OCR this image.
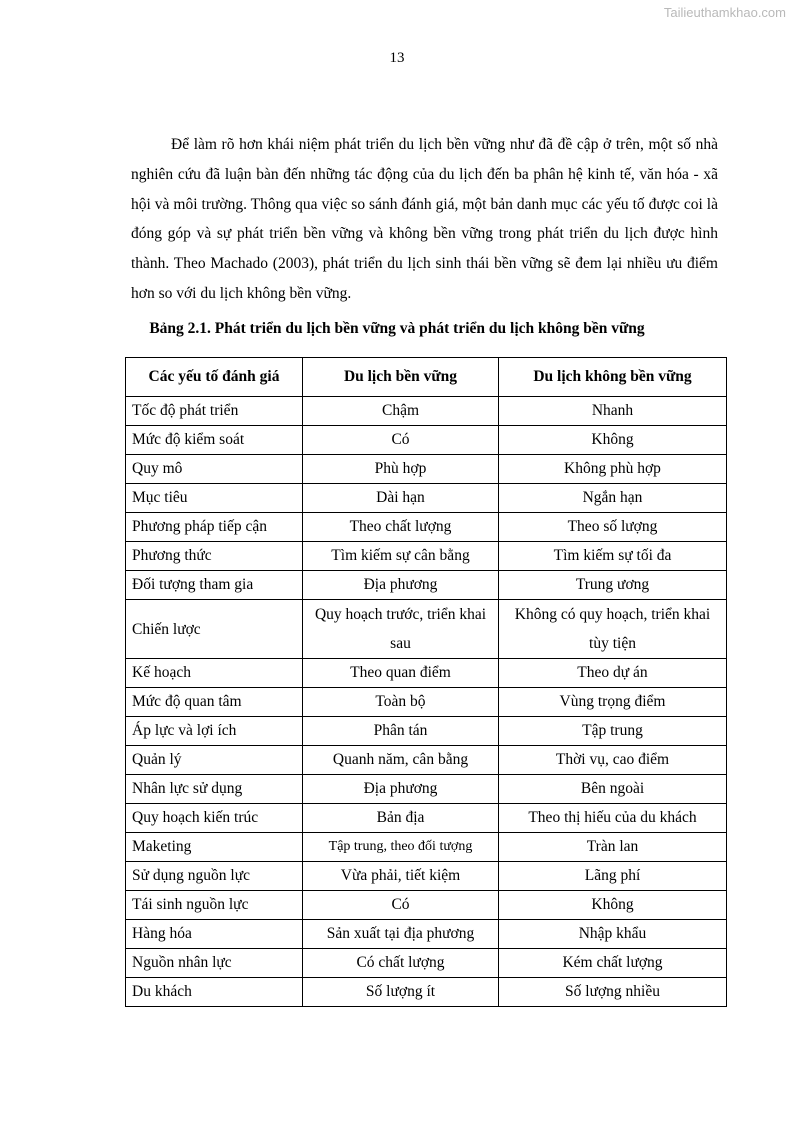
Tailieuthamkhao.com
13

Để làm rõ hơn khái niệm phát triển du lịch bền vững như đã đề cập ở trên, một số nhà nghiên cứu đã luận bàn đến những tác động của du lịch đến ba phân hệ kinh tế, văn hóa - xã hội và môi trường. Thông qua việc so sánh đánh giá, một bản danh mục các yếu tố được coi là đóng góp và sự phát triển bền vững và không bền vững trong phát triển du lịch được hình thành. Theo Machado (2003), phát triển du lịch sinh thái bền vững sẽ đem lại nhiều ưu điểm hơn so với du lịch không bền vững.

Bảng 2.1. Phát triển du lịch bền vững và phát triển du lịch không bền vững
Các yếu tố đánh giá	Du lịch bền vững	Du lịch không bền vững
Tốc độ phát triển	Chậm	Nhanh
Mức độ kiểm soát	Có	Không
Quy mô	Phù hợp	Không phù hợp
Mục tiêu	Dài hạn	Ngắn hạn
Phương pháp tiếp cận	Theo chất lượng	Theo số lượng
Phương thức	Tìm kiếm sự cân bằng	Tìm kiếm sự tối đa
Đối tượng tham gia	Địa phương	Trung ương
Chiến lược	Quy hoạch trước, triển khai sau	Không có quy hoạch, triển khai tùy tiện
Kế hoạch	Theo quan điểm	Theo dự án
Mức độ quan tâm	Toàn bộ	Vùng trọng điểm
Áp lực và lợi ích	Phân tán	Tập trung
Quản lý	Quanh năm, cân bằng	Thời vụ, cao điểm
Nhân lực sử dụng	Địa phương	Bên ngoài
Quy hoạch kiến trúc	Bản địa	Theo thị hiếu của du khách
Maketing	Tập trung, theo đối tượng	Tràn lan
Sử dụng nguồn lực	Vừa phải, tiết kiệm	Lãng phí
Tái sinh nguồn lực	Có	Không
Hàng hóa	Sản xuất tại địa phương	Nhập khẩu
Nguồn nhân lực	Có chất lượng	Kém chất lượng
Du khách	Số lượng ít	Số lượng nhiều
